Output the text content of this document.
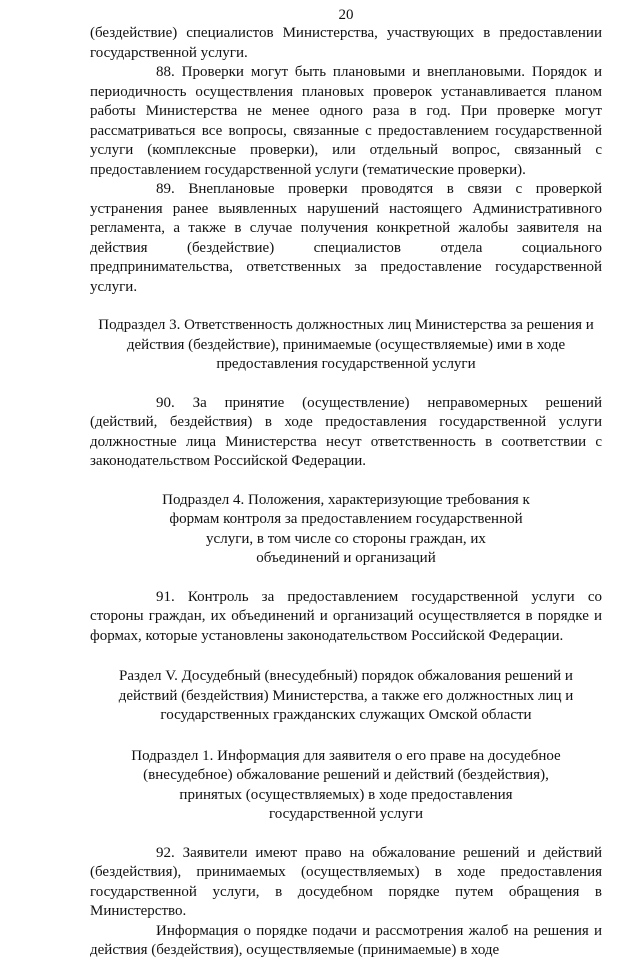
20

(бездействие) специалистов Министерства, участвующих в предоставлении государственной услуги.

88. Проверки могут быть плановыми и внеплановыми. Порядок и периодичность осуществления плановых проверок устанавливается планом работы Министерства не менее одного раза в год. При проверке могут рассматриваться все вопросы, связанные с предоставлением государственной услуги (комплексные проверки), или отдельный вопрос, связанный с предоставлением государственной услуги (тематические проверки).

89. Внеплановые проверки проводятся в связи с проверкой устранения ранее выявленных нарушений настоящего Административного регламента, а также в случае получения конкретной жалобы заявителя на действия (бездействие) специалистов отдела социального предпринимательства, ответственных за предоставление государственной услуги.

Подраздел 3. Ответственность должностных лиц Министерства за решения и действия (бездействие), принимаемые (осуществляемые) ими в ходе предоставления государственной услуги

90. За принятие (осуществление) неправомерных решений (действий, бездействия) в ходе предоставления государственной услуги должностные лица Министерства несут ответственность в соответствии с законодательством Российской Федерации.

Подраздел 4. Положения, характеризующие требования к
формам контроля за предоставлением государственной
услуги, в том числе со стороны граждан, их
объединений и организаций

91. Контроль за предоставлением государственной услуги со стороны граждан, их объединений и организаций осуществляется в порядке и формах, которые установлены законодательством Российской Федерации.

Раздел V. Досудебный (внесудебный) порядок обжалования решений и
действий (бездействия) Министерства, а также его должностных лиц и
государственных гражданских служащих Омской области
Подраздел 1. Информация для заявителя о его праве на досудебное
(внесудебное) обжалование решений и действий (бездействия),
принятых (осуществляемых) в ходе предоставления
государственной услуги

92. Заявители имеют право на обжалование решений и действий (бездействия), принимаемых (осуществляемых) в ходе предоставления государственной услуги, в досудебном порядке путем обращения в Министерство.

Информация о порядке подачи и рассмотрения жалоб на решения и действия (бездействия), осуществляемые (принимаемые) в ходе
